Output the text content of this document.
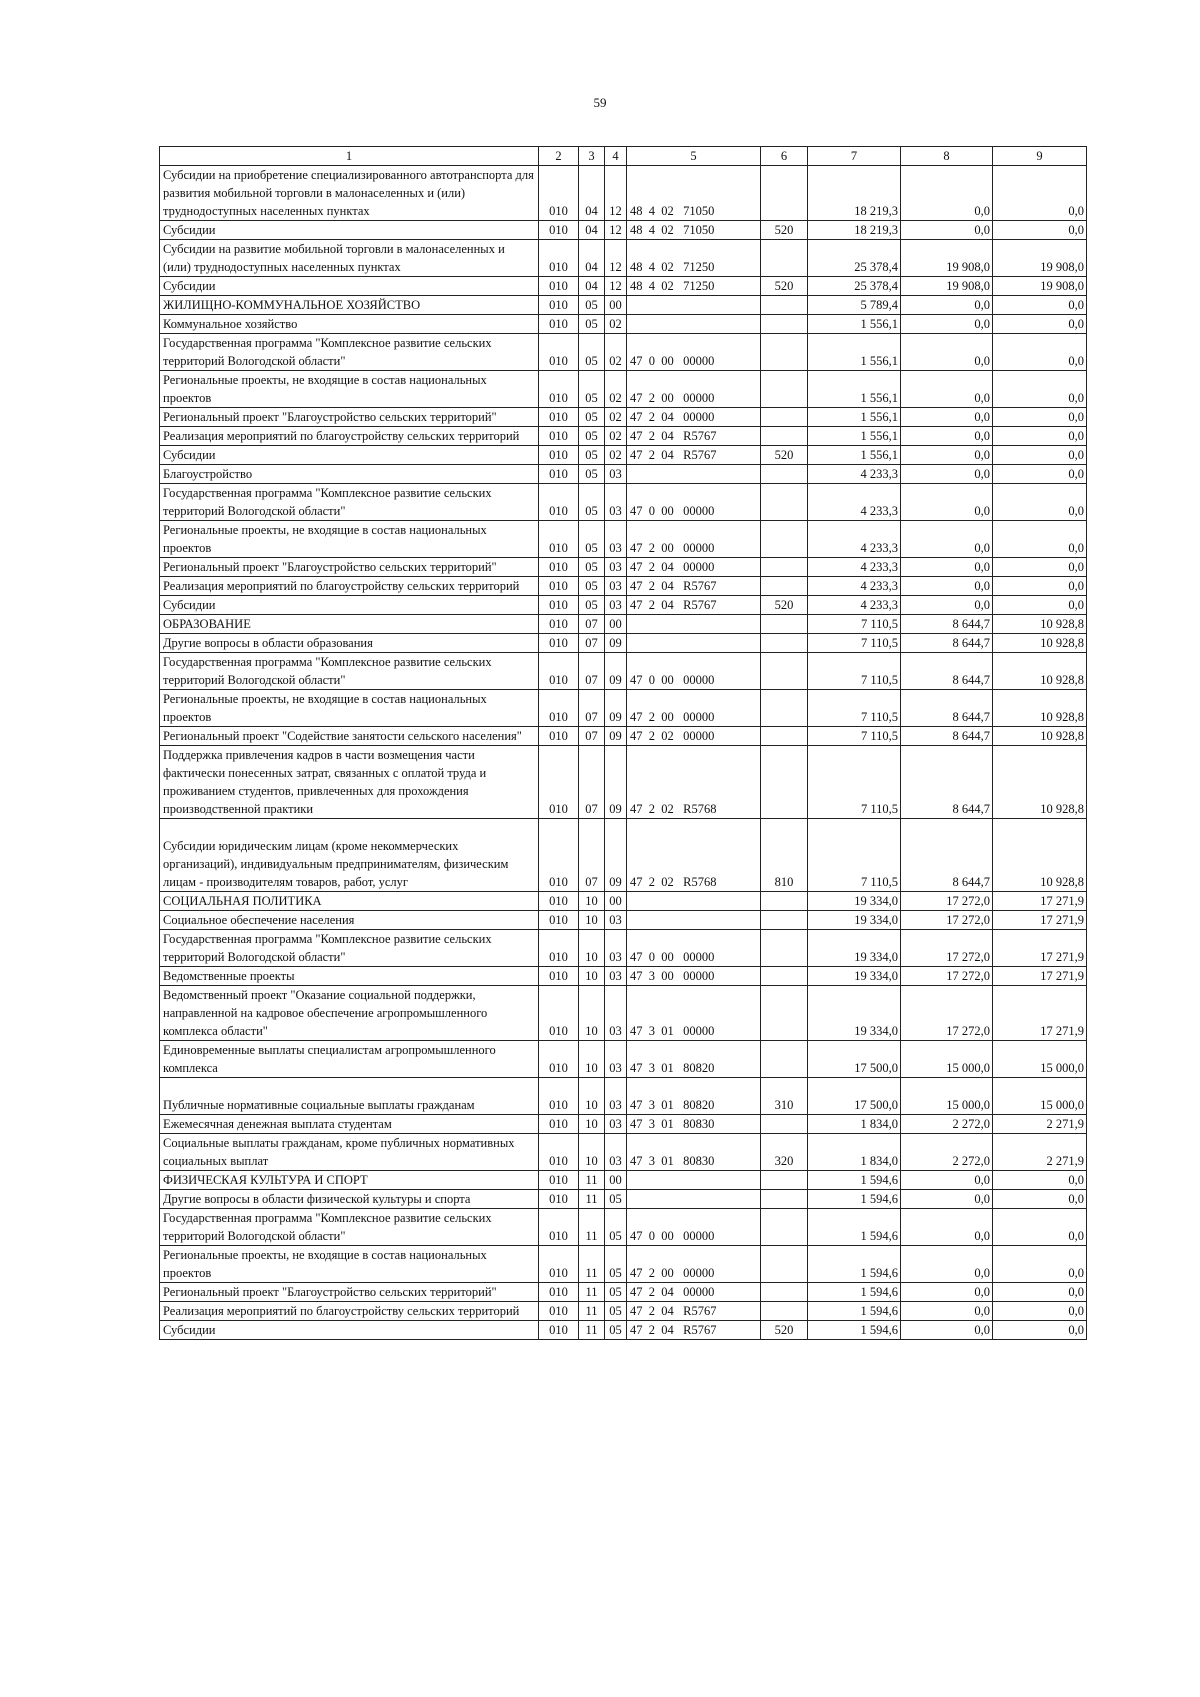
59
1	2	3	4	5	6	7	8	9
Субсидии на приобретение специализированного автотранспорта для развития мобильной торговли в малонаселенных и (или) труднодоступных населенных пунктах	010	04	12	48  4  02   71050		18 219,3	0,0	0,0
Субсидии	010	04	12	48  4  02   71050	520	18 219,3	0,0	0,0
Субсидии на развитие мобильной торговли в малонаселенных и (или) труднодоступных населенных пунктах	010	04	12	48  4  02   71250		25 378,4	19 908,0	19 908,0
Субсидии	010	04	12	48  4  02   71250	520	25 378,4	19 908,0	19 908,0
ЖИЛИЩНО-КОММУНАЛЬНОЕ ХОЗЯЙСТВО	010	05	00			5 789,4	0,0	0,0
Коммунальное хозяйство	010	05	02			1 556,1	0,0	0,0
Государственная программа "Комплексное развитие сельских территорий Вологодской области"	010	05	02	47  0  00   00000		1 556,1	0,0	0,0
Региональные проекты, не входящие в состав национальных проектов	010	05	02	47  2  00   00000		1 556,1	0,0	0,0
Региональный проект "Благоустройство сельских территорий"	010	05	02	47  2  04   00000		1 556,1	0,0	0,0
Реализация мероприятий по благоустройству сельских территорий	010	05	02	47  2  04   R5767		1 556,1	0,0	0,0
Субсидии	010	05	02	47  2  04   R5767	520	1 556,1	0,0	0,0
Благоустройство	010	05	03			4 233,3	0,0	0,0
Государственная программа "Комплексное развитие сельских территорий Вологодской области"	010	05	03	47  0  00   00000		4 233,3	0,0	0,0
Региональные проекты, не входящие в состав национальных проектов	010	05	03	47  2  00   00000		4 233,3	0,0	0,0
Региональный проект "Благоустройство сельских территорий"	010	05	03	47  2  04   00000		4 233,3	0,0	0,0
Реализация мероприятий по благоустройству сельских территорий	010	05	03	47  2  04   R5767		4 233,3	0,0	0,0
Субсидии	010	05	03	47  2  04   R5767	520	4 233,3	0,0	0,0
ОБРАЗОВАНИЕ	010	07	00			7 110,5	8 644,7	10 928,8
Другие вопросы в области образования	010	07	09			7 110,5	8 644,7	10 928,8
Государственная программа "Комплексное развитие сельских территорий Вологодской области"	010	07	09	47  0  00   00000		7 110,5	8 644,7	10 928,8
Региональные проекты, не входящие в состав национальных проектов	010	07	09	47  2  00   00000		7 110,5	8 644,7	10 928,8
Региональный проект "Содействие занятости сельского населения"	010	07	09	47  2  02   00000		7 110,5	8 644,7	10 928,8
Поддержка привлечения кадров в части возмещения части фактически понесенных затрат, связанных с оплатой труда и проживанием студентов, привлеченных для прохождения производственной практики	010	07	09	47  2  02   R5768		7 110,5	8 644,7	10 928,8
Субсидии юридическим лицам (кроме некоммерческих организаций), индивидуальным предпринимателям, физическим лицам - производителям товаров, работ, услуг	010	07	09	47  2  02   R5768	810	7 110,5	8 644,7	10 928,8
СОЦИАЛЬНАЯ ПОЛИТИКА	010	10	00			19 334,0	17 272,0	17 271,9
Социальное обеспечение населения	010	10	03			19 334,0	17 272,0	17 271,9
Государственная программа "Комплексное развитие сельских территорий Вологодской области"	010	10	03	47  0  00   00000		19 334,0	17 272,0	17 271,9
Ведомственные проекты	010	10	03	47  3  00   00000		19 334,0	17 272,0	17 271,9
Ведомственный проект "Оказание социальной поддержки, направленной на кадровое обеспечение агропромышленного комплекса области"	010	10	03	47  3  01   00000		19 334,0	17 272,0	17 271,9
Единовременные выплаты специалистам агропромышленного комплекса	010	10	03	47  3  01   80820		17 500,0	15 000,0	15 000,0
Публичные нормативные социальные выплаты гражданам	010	10	03	47  3  01   80820	310	17 500,0	15 000,0	15 000,0
Ежемесячная денежная выплата студентам	010	10	03	47  3  01   80830		1 834,0	2 272,0	2 271,9
Социальные выплаты гражданам, кроме публичных нормативных социальных выплат	010	10	03	47  3  01   80830	320	1 834,0	2 272,0	2 271,9
ФИЗИЧЕСКАЯ КУЛЬТУРА И СПОРТ	010	11	00			1 594,6	0,0	0,0
Другие вопросы в области физической культуры и спорта	010	11	05			1 594,6	0,0	0,0
Государственная программа "Комплексное развитие сельских территорий Вологодской области"	010	11	05	47  0  00   00000		1 594,6	0,0	0,0
Региональные проекты, не входящие в состав национальных проектов	010	11	05	47  2  00   00000		1 594,6	0,0	0,0
Региональный проект "Благоустройство сельских территорий"	010	11	05	47  2  04   00000		1 594,6	0,0	0,0
Реализация мероприятий по благоустройству сельских территорий	010	11	05	47  2  04   R5767		1 594,6	0,0	0,0
Субсидии	010	11	05	47  2  04   R5767	520	1 594,6	0,0	0,0
